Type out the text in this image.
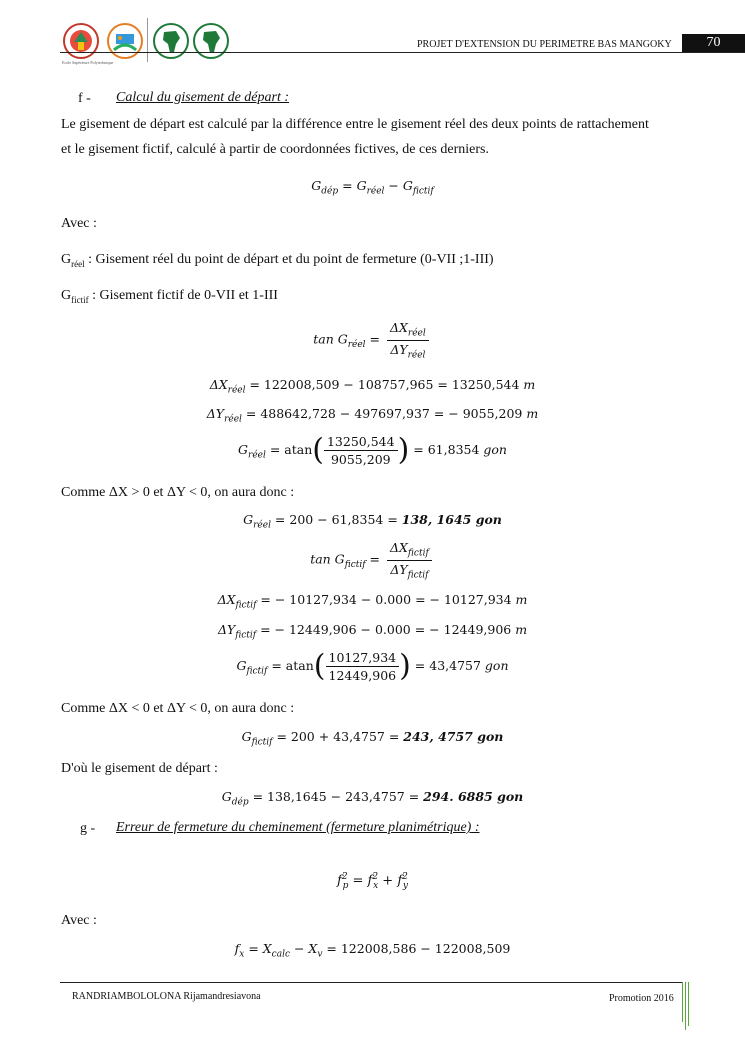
Ecole Supérieure Polytechnique
PROJET D'EXTENSION DU PERIMETRE BAS MANGOKY	70
f - Calcul du gisement de départ :
Le gisement de départ est calculé par la différence entre le gisement réel des deux points de rattachement
et le gisement fictif, calculé à partir de coordonnées fictives, de ces derniers.
$G_{dép} = G_{réel} - G_{fictif}$
Avec :
$G_{réel}$ : Gisement réel du point de départ et du point de fermeture (0-VII ;1-III)
$G_{fictif}$ : Gisement fictif de 0-VII et 1-III
$\tan G_{réel} = \frac{\Delta X_{réel}}{\Delta Y_{réel}}$
$\Delta X_{réel} = 122008,509 - 108757,965 = 13250,544$ m
$\Delta Y_{réel} = 488642,728 - 497697,937$ = − 9055,209 m
$G_{réel} = atan( \frac{13250,544}{9055,209}$ ) = 61,8354 gon
Comme ΔX > 0 et ΔY < 0, on aura donc :
$G_{réel} = 200 - 61,8354 = 138$, 1645 gon
$\tan G_{fictif} = \frac{\Delta X_{fictif}}{\Delta Y_{fictif}}$
$\Delta X_{fictif}$ = − 10127,934 − 0.000 = − 10127,934 m
$\Delta Y_{fictif}$ = − 12449,906 − 0.000 = − 12449,906 m
$G_{fictif} = atan( \frac{10127,934}{12449,906}$ ) = 43,4757 gon
Comme ΔX < 0 et ΔY < 0, on aura donc :
$G_{fictif} = 200 + 43,4757 = 243$, 4757 gon
D'où le gisement de départ :
$G_{dép} = 138,1645 - 243,4757 = 294$. 6885 gon
g - Erreur de fermeture du cheminement (fermeture planimétrique) :
$f^2_p = f^2_x + f^2_y$
Avec :
$f_x = X_{calc} - X_v = 122008,586 - 122008,509$
RANDRIAMBOLOLONA Rijamandresiavona	Promotion 2016
